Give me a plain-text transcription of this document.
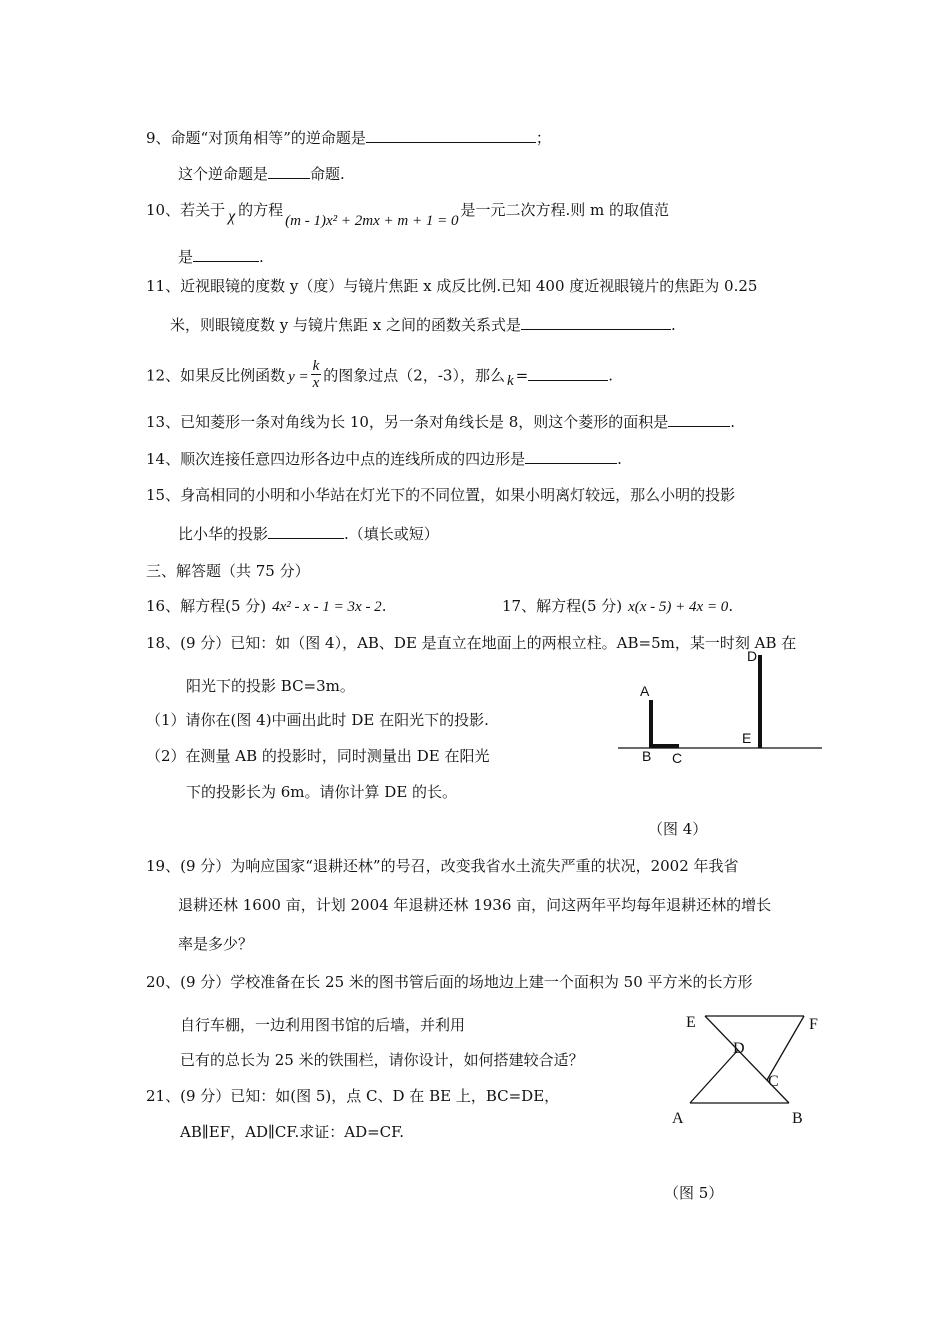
9、命题“对顶角相等”的逆命题是	；
这个逆命题是	命题.
10、若关于 χ 的方程(m - 1)x² + 2mx + m + 1 = 0是一元二次方程.则 m 的取值范
是	.
11、近视眼镜的度数 y（度）与镜片焦距 x 成反比例.已知 400 度近视眼镜片的焦距为 0.25
米，则眼镜度数 y 与镜片焦距 x 之间的函数关系式是	.
12、如果反比例函数 $y = \frac{k}{x}$ 的图象过点（2，-3），那么 k =	.
13、已知菱形一条对角线为长 10，另一条对角线长是 8，则这个菱形的面积是	.
14、顺次连接任意四边形各边中点的连线所成的四边形是	.
15、身高相同的小明和小华站在灯光下的不同位置，如果小明离灯较远，那么小明的投影
比小华的投影	.（填长或短）
三、解答题（共 75 分）
16、解方程(5 分) 4x² - x - 1 = 3x - 2.	17、解方程(5 分) x(x - 5) + 4x = 0.
18、(9 分）已知：如（图 4），AB、DE 是直立在地面上的两根立柱。AB=5m，某一时刻 AB 在
阳光下的投影 BC=3m。
（1）请你在(图 4)中画出此时 DE 在阳光下的投影.
（2）在测量 AB 的投影时，同时测量出 DE 在阳光
下的投影长为 6m。请你计算 DE 的长。
A
B C
D
E
（图 4）
19、(9 分）为响应国家“退耕还林”的号召，改变我省水土流失严重的状况，2002 年我省
退耕还林 1600 亩，计划 2004 年退耕还林 1936 亩，问这两年平均每年退耕还林的增长
率是多少？
20、(9 分）学校准备在长 25 米的图书管后面的场地边上建一个面积为 50 平方米的长方形
自行车棚，一边利用图书馆的后墙，并利用
已有的总长为 25 米的铁围栏，请你设计，如何搭建较合适？
21、(9 分）已知：如(图 5)，点 C、D 在 BE 上，BC=DE，
AB∥EF，AD∥CF.求证：AD=CF.
E	F
D
C
A	B
（图 5）
